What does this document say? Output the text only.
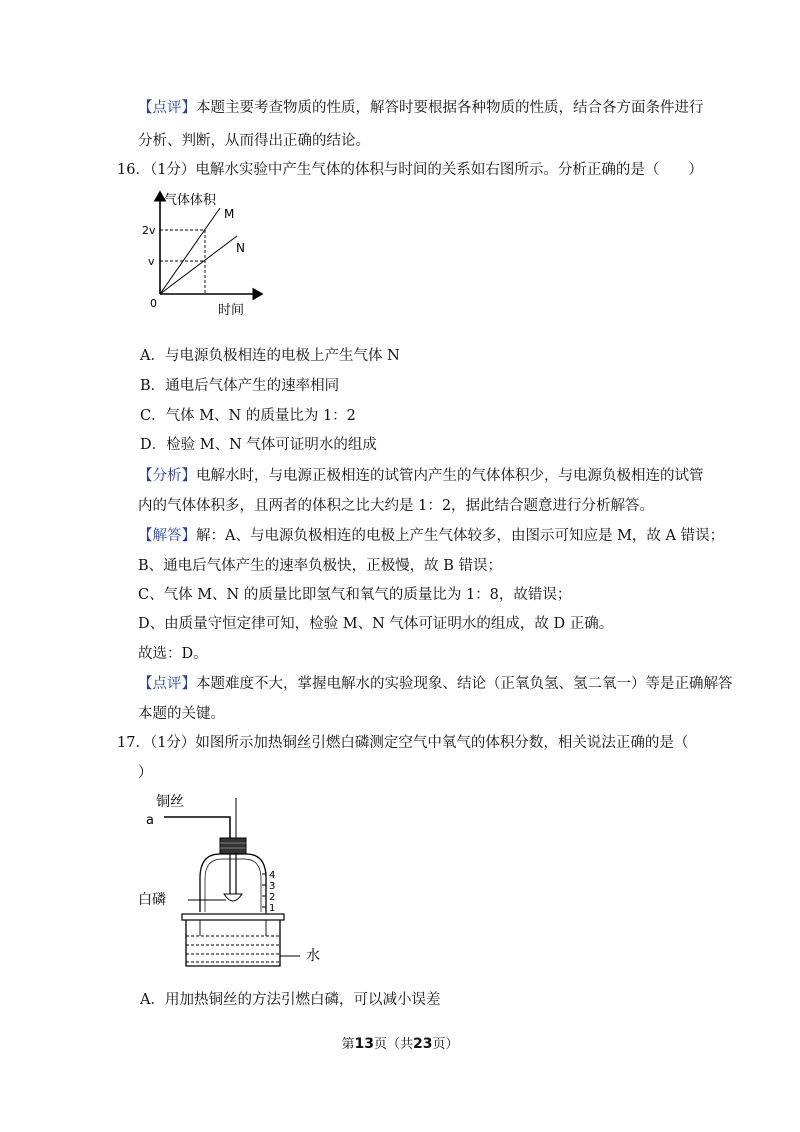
【点评】本题主要考查物质的性质，解答时要根据各种物质的性质，结合各方面条件进行
分析、判断，从而得出正确的结论。
16．（1分）电解水实验中产生气体的体积与时间的关系如右图所示。分析正确的是（　　）
气体体积
时间
2v
v
0
M
N
A．与电源负极相连的电极上产生气体 N
B．通电后气体产生的速率相同
C．气体 M、N 的质量比为 1：2
D．检验 M、N 气体可证明水的组成
【分析】电解水时，与电源正极相连的试管内产生的气体体积少，与电源负极相连的试管
内的气体体积多，且两者的体积之比大约是 1：2，据此结合题意进行分析解答。
【解答】解：A、与电源负极相连的电极上产生气体较多，由图示可知应是 M，故 A 错误；
B、通电后气体产生的速率负极快，正极慢，故 B 错误；
C、气体 M、N 的质量比即氢气和氧气的质量比为 1：8，故错误；
D、由质量守恒定律可知，检验 M、N 气体可证明水的组成，故 D 正确。
故选：D。
【点评】本题难度不大，掌握电解水的实验现象、结论（正氧负氢、氢二氧一）等是正确解答
本题的关键。
17．（1分）如图所示加热铜丝引燃白磷测定空气中氧气的体积分数，相关说法正确的是（
）
铜丝
a
白磷
水
4
3
2
1
A．用加热铜丝的方法引燃白磷，可以减小误差
第13页（共23页）
